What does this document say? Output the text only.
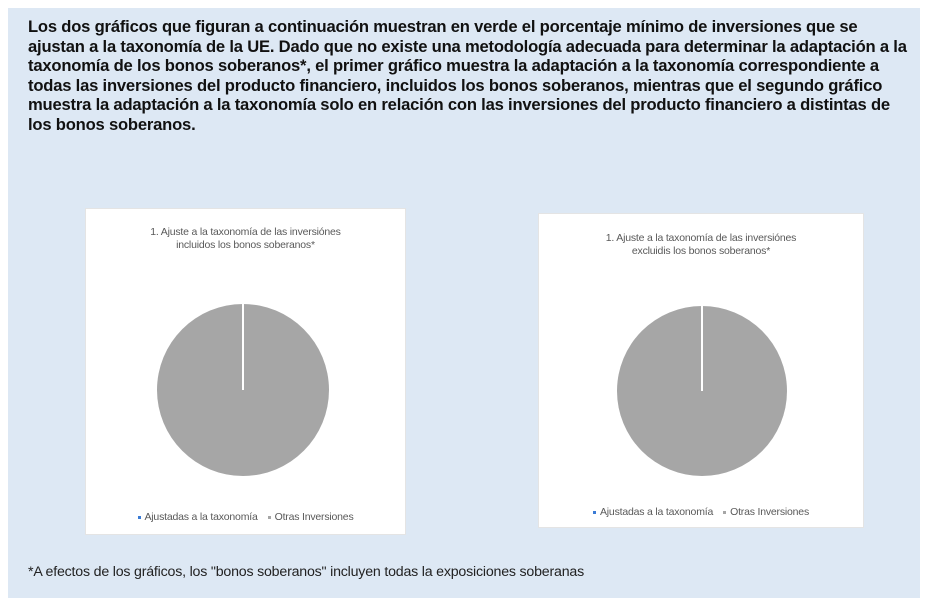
Los dos gráficos que figuran a continuación muestran en verde el porcentaje mínimo de inversiones que se ajustan a la taxonomía de la UE. Dado que no existe una metodología adecuada para determinar la adaptación a la taxonomía de los bonos soberanos*, el primer gráfico muestra la adaptación a la taxonomía correspondiente a todas las inversiones del producto financiero, incluidos los bonos soberanos, mientras que el segundo gráfico muestra la adaptación a la taxonomía solo en relación con las inversiones del producto financiero a distintas de los bonos soberanos.

1. Ajuste a la taxonomía de las inversiónes incluidos los bonos soberanos*
Ajustadas a la taxonomía Otras Inversiones
1. Ajuste a la taxonomía de las inversiónes excluidis los bonos soberanos*
Ajustadas a la taxonomía Otras Inversiones

*A efectos de los gráficos, los "bonos soberanos" incluyen todas la exposiciones soberanas
